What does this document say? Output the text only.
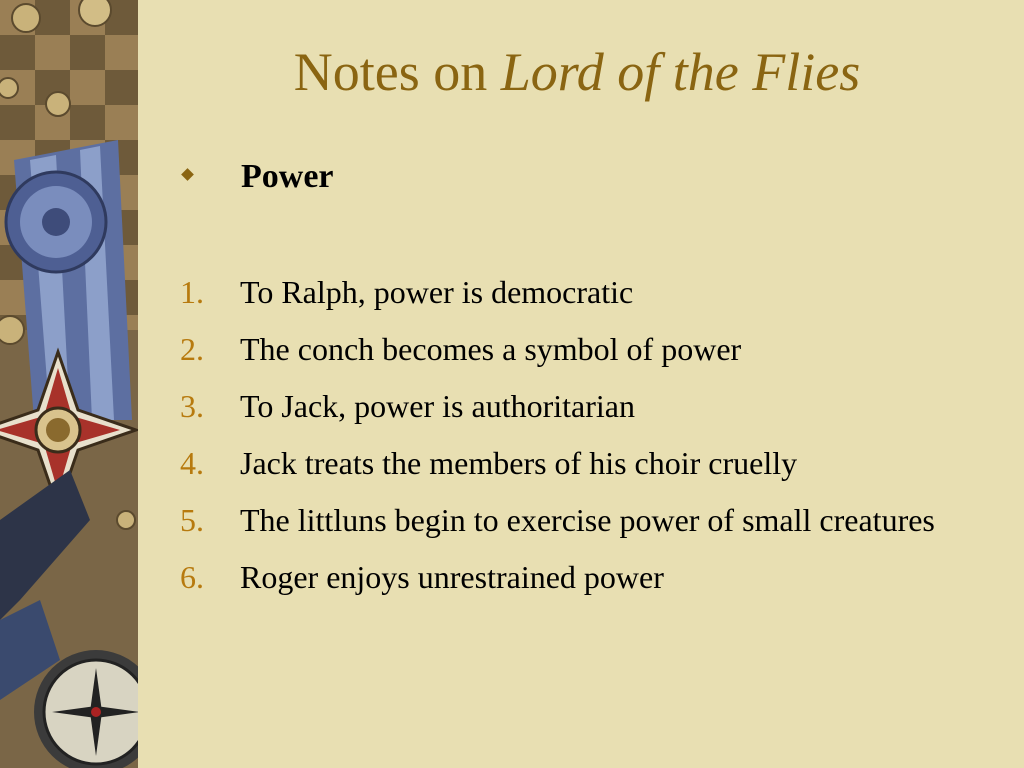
Notes on Lord of the Flies
Power
1. To Ralph, power is democratic
2. The conch becomes a symbol of power
3. To Jack, power is authoritarian
4. Jack treats the members of his choir cruelly
5. The littluns begin to exercise power of small creatures
6. Roger enjoys unrestrained power
